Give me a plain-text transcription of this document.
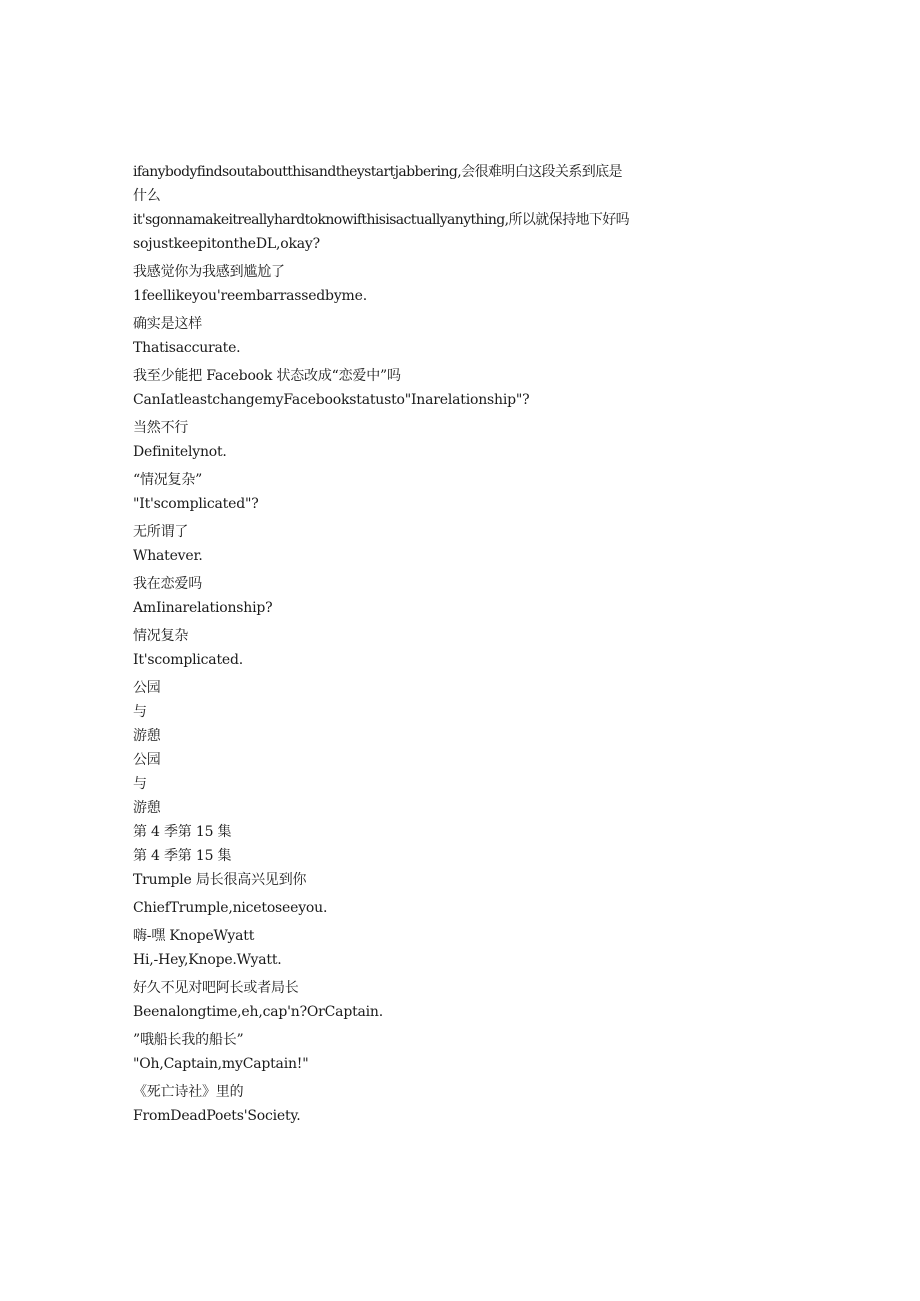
ifanybodyfindsoutaboutthisandtheystartjabbering,会很难明白这段关系到底是
什么
it'sgonnamakeitreallyhardtoknowifthisisactuallyanything,所以就保持地下好吗
sojustkeepitontheDL,okay?
我感觉你为我感到尴尬了
1feellikeyou'reembarrassedbyme.
确实是这样
Thatisaccurate.
我至少能把 Facebook 状态改成“恋爱中”吗
CanIatleastchangemyFacebookstatusto"Inarelationship"?
当然不行
Definitelynot.
“情况复杂”
"It'scomplicated"?
无所谓了
Whatever.
我在恋爱吗
AmIinarelationship?
情况复杂
It'scomplicated.
公园
与
游憩
公园
与
游憩
第 4 季第 15 集
第 4 季第 15 集
Trumple 局长很高兴见到你
ChiefTrumple,nicetoseeyou.
嗨-嘿 KnopeWyatt
Hi,-Hey,Knope.Wyatt.
好久不见对吧阿长或者局长
Beenalongtime,eh,cap'n?OrCaptain.
”哦船长我的船长”
"Oh,Captain,myCaptain!"
《死亡诗社》里的
FromDeadPoets'Society.
